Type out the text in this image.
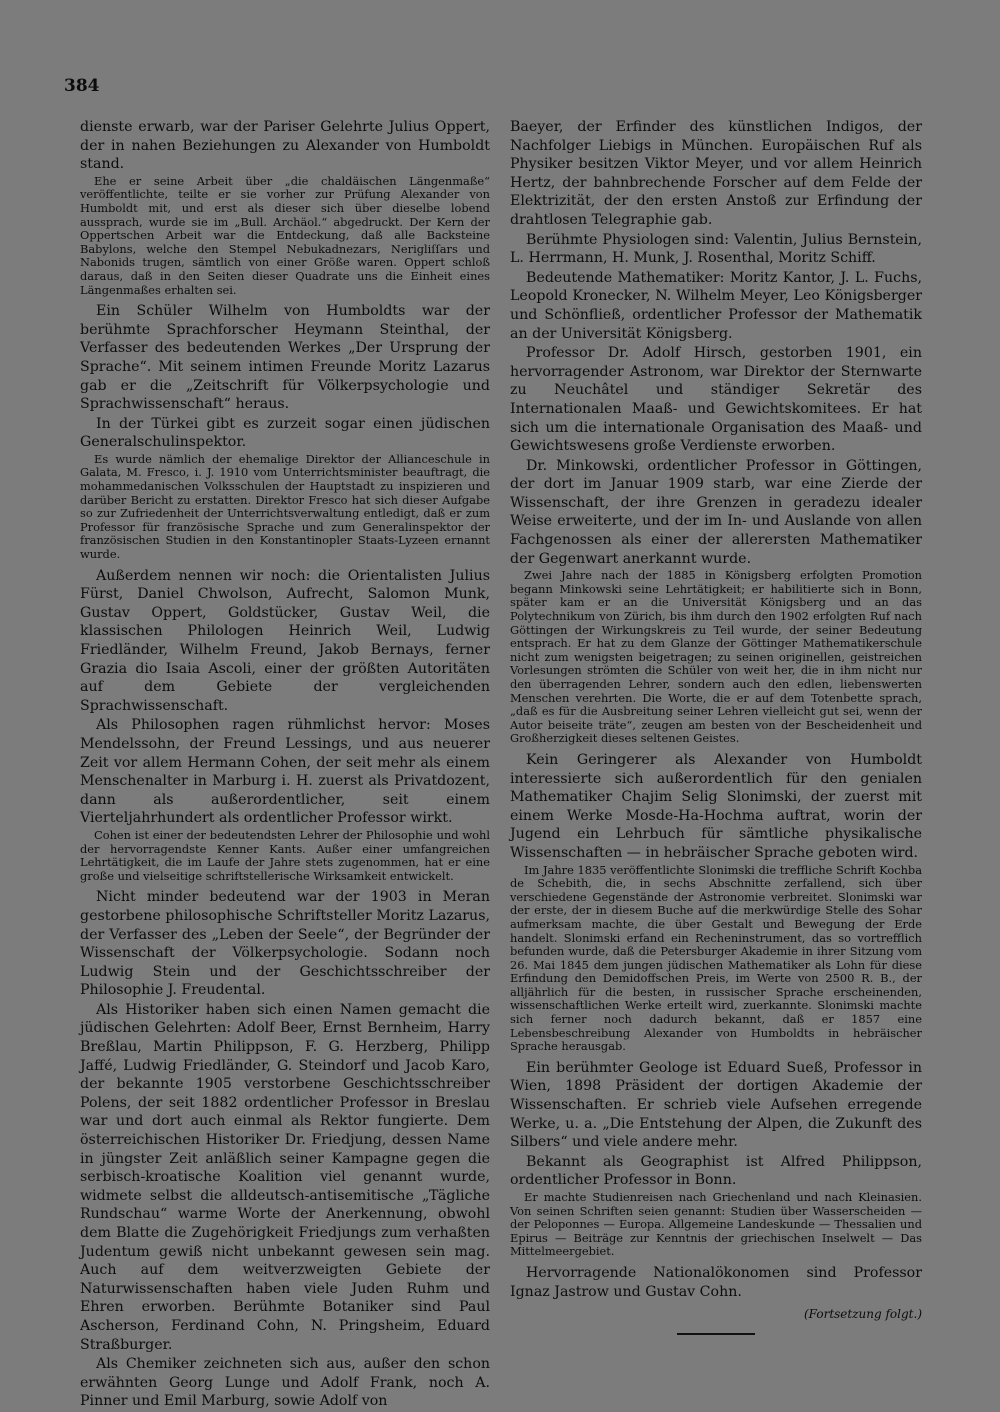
384
dienste erwarb, war der Pariser Gelehrte Julius Oppert, der in nahen Beziehungen zu Alexander von Humboldt stand.
Ehe er seine Arbeit über „die chaldäischen Längenmaße“ veröffentlichte, teilte er sie vorher zur Prüfung Alexander von Humboldt mit, und erst als dieser sich über dieselbe lobend aussprach, wurde sie im „Bull. Archäol.“ abgedruckt. Der Kern der Oppertschen Arbeit war die Entdeckung, daß alle Backsteine Babylons, welche den Stempel Nebukadnezars, Nerigliſſars und Nabonids trugen, sämtlich von einer Größe waren. Oppert schloß daraus, daß in den Seiten dieser Quadrate uns die Einheit eines Längenmaßes erhalten sei.
Ein Schüler Wilhelm von Humboldts war der berühmte Sprachforscher Heymann Steinthal, der Verfasser des bedeutenden Werkes „Der Ursprung der Sprache“. Mit seinem intimen Freunde Moritz Lazarus gab er die „Zeitschrift für Völkerpsychologie und Sprachwissenschaft“ heraus.
In der Türkei gibt es zurzeit sogar einen jüdischen Generalschulinspektor.
Es wurde nämlich der ehemalige Direktor der Allianceschule in Galata, M. Fresco, i. J. 1910 vom Unterrichtsminister beauftragt, die mohammedanischen Volksschulen der Hauptstadt zu inspizieren und darüber Bericht zu erstatten. Direktor Fresco hat sich dieser Aufgabe so zur Zufriedenheit der Unterrichtsverwaltung entledigt, daß er zum Professor für französische Sprache und zum Generalinspektor der französischen Studien in den Konstantinopler Staats-Lyzeen ernannt wurde.
Außerdem nennen wir noch: die Orientalisten Julius Fürst, Daniel Chwolson, Aufrecht, Salomon Munk, Gustav Oppert, Goldstücker, Gustav Weil, die klassischen Philologen Heinrich Weil, Ludwig Friedländer, Wilhelm Freund, Jakob Bernays, ferner Grazia dio Isaia Ascoli, einer der größten Autoritäten auf dem Gebiete der vergleichenden Sprachwissenschaft.
Als Philosophen ragen rühmlichst hervor: Moses Mendelssohn, der Freund Lessings, und aus neuerer Zeit vor allem Hermann Cohen, der seit mehr als einem Menschenalter in Marburg i. H. zuerst als Privatdozent, dann als außerordentlicher, seit einem Vierteljahrhundert als ordentlicher Professor wirkt.
Cohen ist einer der bedeutendsten Lehrer der Philosophie und wohl der hervorragendste Kenner Kants. Außer einer umfangreichen Lehrtätigkeit, die im Laufe der Jahre stets zugenommen, hat er eine große und vielseitige schriftstellerische Wirksamkeit entwickelt.
Nicht minder bedeutend war der 1903 in Meran gestorbene philosophische Schriftsteller Moritz Lazarus, der Verfasser des „Leben der Seele“, der Begründer der Wissenschaft der Völkerpsychologie. Sodann noch Ludwig Stein und der Geschichtsschreiber der Philosophie J. Freudental.
Als Historiker haben sich einen Namen gemacht die jüdischen Gelehrten: Adolf Beer, Ernst Bernheim, Harry Breßlau, Martin Philippson, F. G. Herzberg, Philipp Jaffé, Ludwig Friedländer, G. Steindorf und Jacob Karo, der bekannte 1905 verstorbene Geschichtsschreiber Polens, der seit 1882 ordentlicher Professor in Breslau war und dort auch einmal als Rektor fungierte. Dem österreichischen Historiker Dr. Friedjung, dessen Name in jüngster Zeit anläßlich seiner Kampagne gegen die serbisch-kroatische Koalition viel genannt wurde, widmete selbst die alldeutsch-antisemitische „Tägliche Rundschau“ warme Worte der Anerkennung, obwohl dem Blatte die Zugehörigkeit Friedjungs zum verhaßten Judentum gewiß nicht unbekannt gewesen sein mag. Auch auf dem weitverzweigten Gebiete der Naturwissenschaften haben viele Juden Ruhm und Ehren erworben. Berühmte Botaniker sind Paul Ascherson, Ferdinand Cohn, N. Pringsheim, Eduard Straßburger.
Als Chemiker zeichneten sich aus, außer den schon erwähnten Georg Lunge und Adolf Frank, noch A. Pinner und Emil Marburg, sowie Adolf von
Baeyer, der Erfinder des künstlichen Indigos, der Nachfolger Liebigs in München. Europäischen Ruf als Physiker besitzen Viktor Meyer, und vor allem Heinrich Hertz, der bahnbrechende Forscher auf dem Felde der Elektrizität, der den ersten Anstoß zur Erfindung der drahtlosen Telegraphie gab.
Berühmte Physiologen sind: Valentin, Julius Bernstein, L. Herrmann, H. Munk, J. Rosenthal, Moritz Schiff.
Bedeutende Mathematiker: Moritz Kantor, J. L. Fuchs, Leopold Kronecker, N. Wilhelm Meyer, Leo Königsberger und Schönfließ, ordentlicher Professor der Mathematik an der Universität Königsberg.
Professor Dr. Adolf Hirsch, gestorben 1901, ein hervorragender Astronom, war Direktor der Sternwarte zu Neuchâtel und ständiger Sekretär des Internationalen Maaß- und Gewichtskomitees. Er hat sich um die internationale Organisation des Maaß- und Gewichtswesens große Verdienste erworben.
Dr. Minkowski, ordentlicher Professor in Göttingen, der dort im Januar 1909 starb, war eine Zierde der Wissenschaft, der ihre Grenzen in geradezu idealer Weise erweiterte, und der im In- und Auslande von allen Fachgenossen als einer der allerersten Mathematiker der Gegenwart anerkannt wurde.
Zwei Jahre nach der 1885 in Königsberg erfolgten Promotion begann Minkowski seine Lehrtätigkeit; er habilitierte sich in Bonn, später kam er an die Universität Königsberg und an das Polytechnikum von Zürich, bis ihm durch den 1902 erfolgten Ruf nach Göttingen der Wirkungskreis zu Teil wurde, der seiner Bedeutung entsprach. Er hat zu dem Glanze der Göttinger Mathematikerschule nicht zum wenigsten beigetragen; zu seinen originellen, geistreichen Vorlesungen strömten die Schüler von weit her, die in ihm nicht nur den überragenden Lehrer, sondern auch den edlen, liebenswerten Menschen verehrten. Die Worte, die er auf dem Totenbette sprach, „daß es für die Ausbreitung seiner Lehren vielleicht gut sei, wenn der Autor beiseite träte“, zeugen am besten von der Bescheidenheit und Großherzigkeit dieses seltenen Geistes.
Kein Geringerer als Alexander von Humboldt interessierte sich außerordentlich für den genialen Mathematiker Chajim Selig Slonimski, der zuerst mit einem Werke Mosde-Ha-Hochma auftrat, worin der Jugend ein Lehrbuch für sämtliche physikalische Wissenschaften — in hebräischer Sprache geboten wird.
Im Jahre 1835 veröffentlichte Slonimski die treffliche Schrift Kochba de Schebith, die, in sechs Abschnitte zerfallend, sich über verschiedene Gegenstände der Astronomie verbreitet. Slonimski war der erste, der in diesem Buche auf die merkwürdige Stelle des Sohar aufmerksam machte, die über Gestalt und Bewegung der Erde handelt. Slonimski erfand ein Recheninstrument, das so vortrefflich befunden wurde, daß die Petersburger Akademie in ihrer Sitzung vom 26. Mai 1845 dem jungen jüdischen Mathematiker als Lohn für diese Erfindung den Demidoffschen Preis, im Werte von 2500 R. B., der alljährlich für die besten, in russischer Sprache erscheinenden, wissenschaftlichen Werke erteilt wird, zuerkannte. Slonimski machte sich ferner noch dadurch bekannt, daß er 1857 eine Lebensbeschreibung Alexander von Humboldts in hebräischer Sprache herausgab.
Ein berühmter Geologe ist Eduard Sueß, Professor in Wien, 1898 Präsident der dortigen Akademie der Wissenschaften. Er schrieb viele Aufsehen erregende Werke, u. a. „Die Entstehung der Alpen, die Zukunft des Silbers“ und viele andere mehr.
Bekannt als Geographist ist Alfred Philippson, ordentlicher Professor in Bonn.
Er machte Studienreisen nach Griechenland und nach Kleinasien. Von seinen Schriften seien genannt: Studien über Wasserscheiden — der Peloponnes — Europa. Allgemeine Landeskunde — Thessalien und Epirus — Beiträge zur Kenntnis der griechischen Inselwelt — Das Mittelmeergebiet.
Hervorragende Nationalökonomen sind Professor Ignaz Jastrow und Gustav Cohn.
(Fortsetzung folgt.)
